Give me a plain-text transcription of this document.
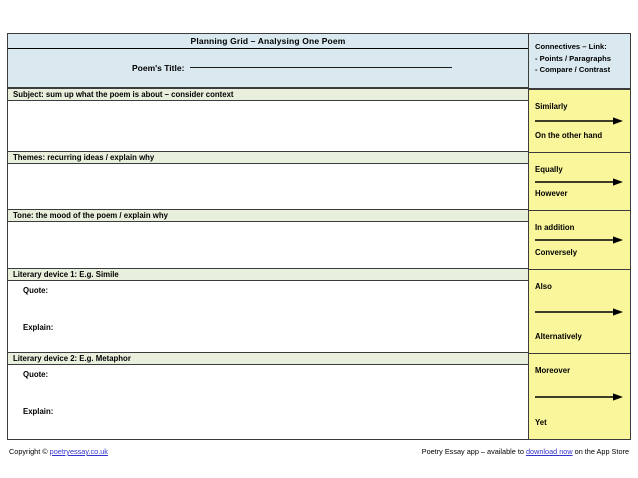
Planning Grid – Analysing One Poem
Poem's Title:
Subject: sum up what the poem is about – consider context
Themes: recurring ideas / explain why
Tone: the mood of the poem / explain why
Literary device 1: E.g. Simile
Quote:
Explain:
Literary device 2: E.g. Metaphor
Quote:
Explain:
Connectives – Link:
- Points / Paragraphs
- Compare / Contrast
Similarly
On the other hand
Equally
However
In addition
Conversely
Also
Alternatively
Moreover
Yet
Copyright © poetryessay.co.uk	Poetry Essay app – available to download now on the App Store
